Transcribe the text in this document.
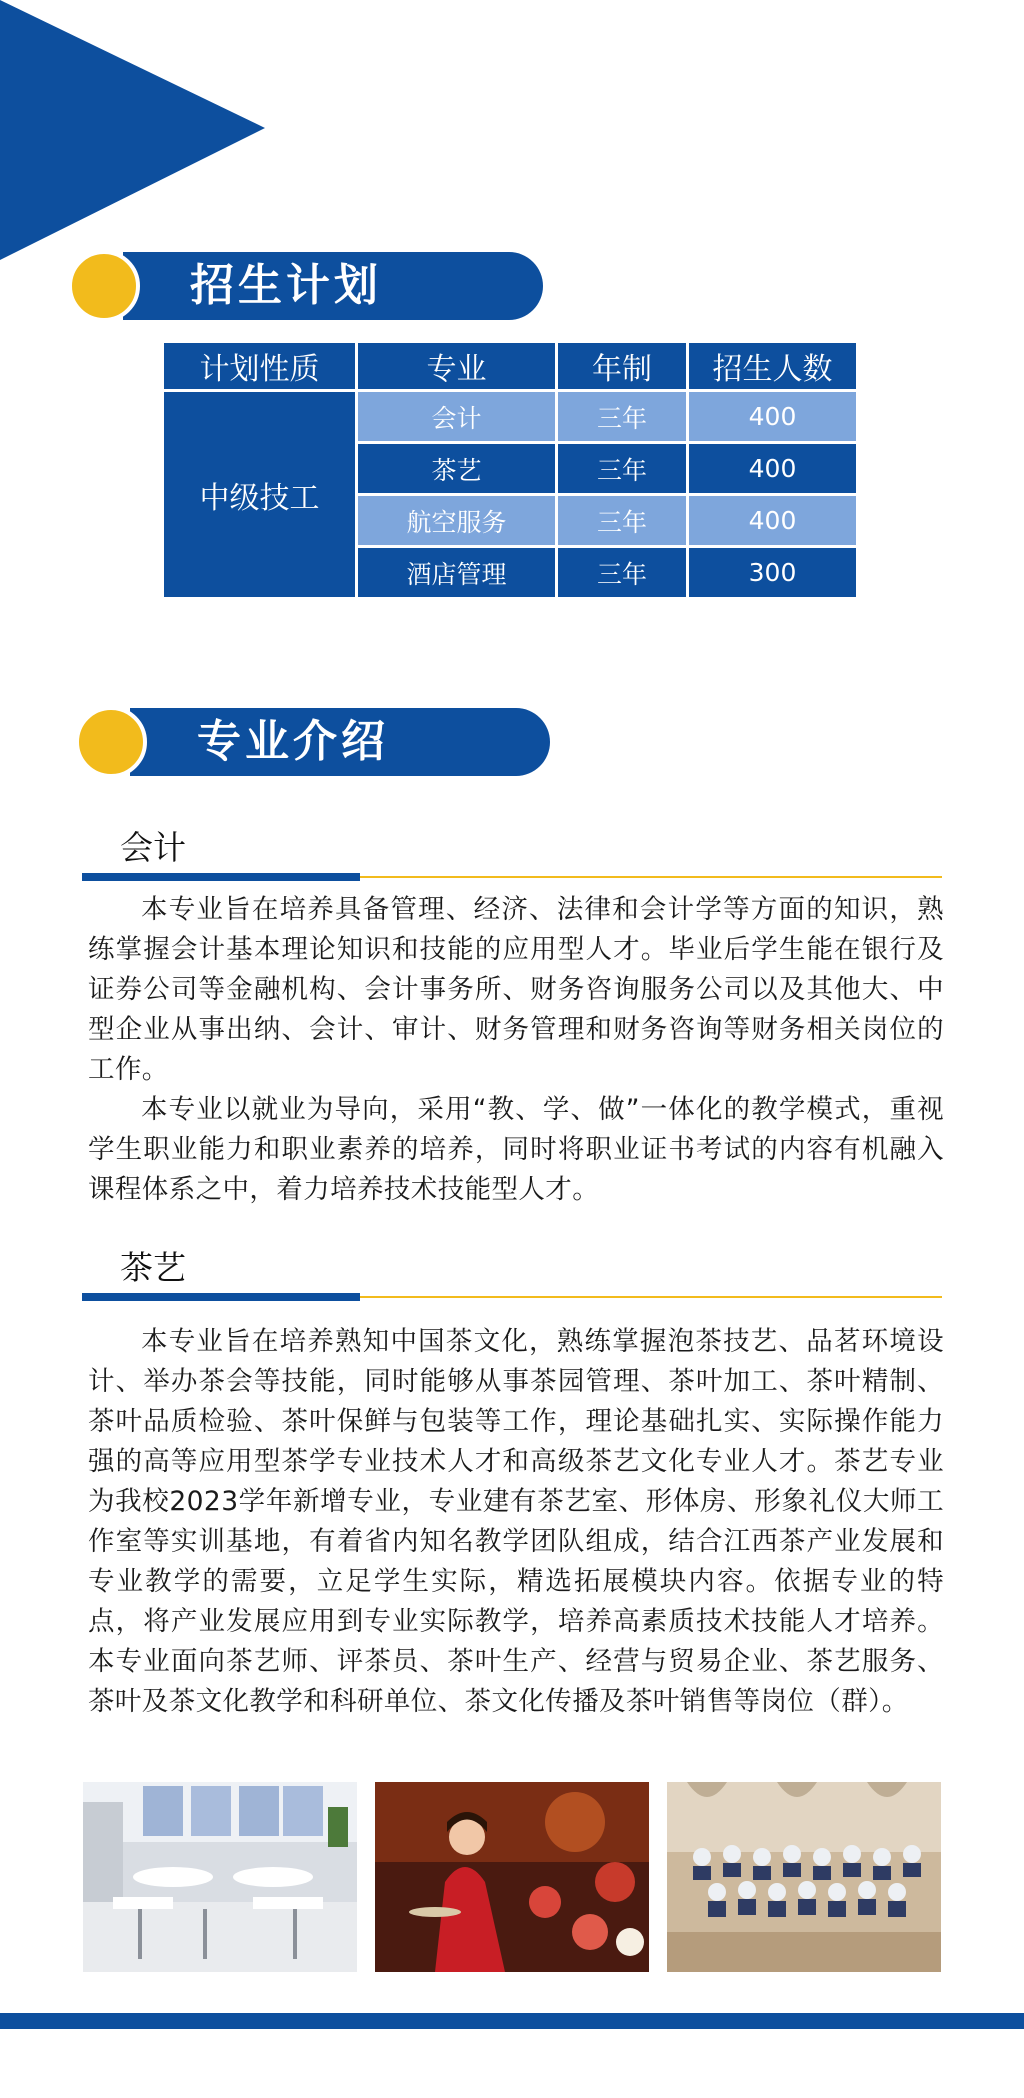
招生计划
计划性质	专业	年制	招生人数
中级技工	会计	三年	400
	茶艺	三年	400
	航空服务	三年	400
	酒店管理	三年	300
专业介绍
会计

本专业旨在培养具备管理、经济、法律和会计学等方面的知识，熟练掌握会计基本理论知识和技能的应用型人才。毕业后学生能在银行及证券公司等金融机构、会计事务所、财务咨询服务公司以及其他大、中型企业从事出纳、会计、审计、财务管理和财务咨询等财务相关岗位的工作。

本专业以就业为导向，采用“教、学、做”一体化的教学模式，重视学生职业能力和职业素养的培养，同时将职业证书考试的内容有机融入课程体系之中，着力培养技术技能型人才。

茶艺

本专业旨在培养熟知中国茶文化，熟练掌握泡茶技艺、品茗环境设计、举办茶会等技能，同时能够从事茶园管理、茶叶加工、茶叶精制、茶叶品质检验、茶叶保鲜与包装等工作，理论基础扎实、实际操作能力强的高等应用型茶学专业技术人才和高级茶艺文化专业人才。茶艺专业为我校2023学年新增专业，专业建有茶艺室、形体房、形象礼仪大师工作室等实训基地，有着省内知名教学团队组成，结合江西茶产业发展和专业教学的需要，立足学生实际，精选拓展模块内容。依据专业的特点，将产业发展应用到专业实际教学，培养高素质技术技能人才培养。本专业面向茶艺师、评茶员、茶叶生产、经营与贸易企业、茶艺服务、茶叶及茶文化教学和科研单位、茶文化传播及茶叶销售等岗位（群）。
